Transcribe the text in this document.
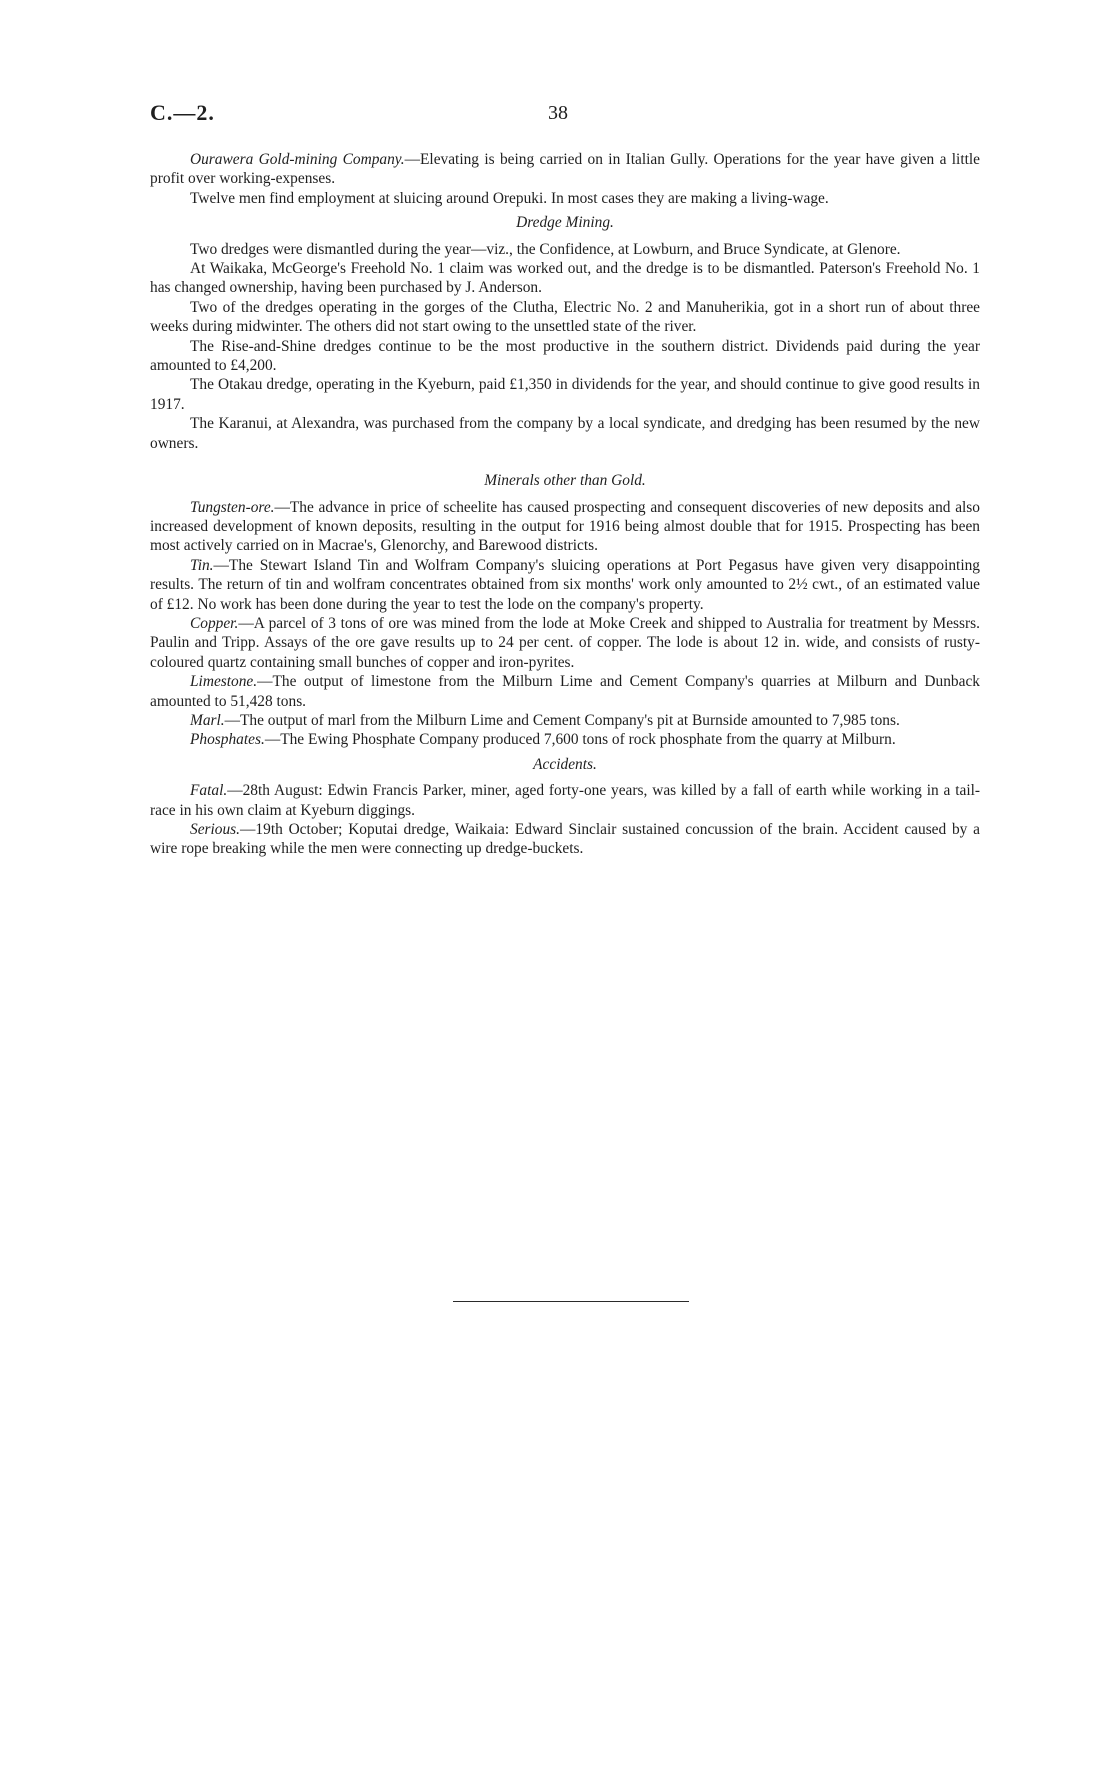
C.—2.	38

Ourawera Gold-mining Company.—Elevating is being carried on in Italian Gully. Operations for the year have given a little profit over working-expenses.

Twelve men find employment at sluicing around Orepuki. In most cases they are making a living-wage.

Dredge Mining.

Two dredges were dismantled during the year—viz., the Confidence, at Lowburn, and Bruce Syndicate, at Glenore.

At Waikaka, McGeorge's Freehold No. 1 claim was worked out, and the dredge is to be dismantled. Paterson's Freehold No. 1 has changed ownership, having been purchased by J. Anderson.

Two of the dredges operating in the gorges of the Clutha, Electric No. 2 and Manuherikia, got in a short run of about three weeks during midwinter. The others did not start owing to the unsettled state of the river.

The Rise-and-Shine dredges continue to be the most productive in the southern district. Dividends paid during the year amounted to £4,200.

The Otakau dredge, operating in the Kyeburn, paid £1,350 in dividends for the year, and should continue to give good results in 1917.

The Karanui, at Alexandra, was purchased from the company by a local syndicate, and dredging has been resumed by the new owners.

Minerals other than Gold.

Tungsten-ore.—The advance in price of scheelite has caused prospecting and consequent discoveries of new deposits and also increased development of known deposits, resulting in the output for 1916 being almost double that for 1915. Prospecting has been most actively carried on in Macrae's, Glenorchy, and Barewood districts.

Tin.—The Stewart Island Tin and Wolfram Company's sluicing operations at Port Pegasus have given very disappointing results. The return of tin and wolfram concentrates obtained from six months' work only amounted to 2½ cwt., of an estimated value of £12. No work has been done during the year to test the lode on the company's property.

Copper.—A parcel of 3 tons of ore was mined from the lode at Moke Creek and shipped to Australia for treatment by Messrs. Paulin and Tripp. Assays of the ore gave results up to 24 per cent. of copper. The lode is about 12 in. wide, and consists of rusty-coloured quartz containing small bunches of copper and iron-pyrites.

Limestone.—The output of limestone from the Milburn Lime and Cement Company's quarries at Milburn and Dunback amounted to 51,428 tons.

Marl.—The output of marl from the Milburn Lime and Cement Company's pit at Burnside amounted to 7,985 tons.

Phosphates.—The Ewing Phosphate Company produced 7,600 tons of rock phosphate from the quarry at Milburn.

Accidents.

Fatal.—28th August: Edwin Francis Parker, miner, aged forty-one years, was killed by a fall of earth while working in a tail-race in his own claim at Kyeburn diggings.

Serious.—19th October; Koputai dredge, Waikaia: Edward Sinclair sustained concussion of the brain. Accident caused by a wire rope breaking while the men were connecting up dredge-buckets.
